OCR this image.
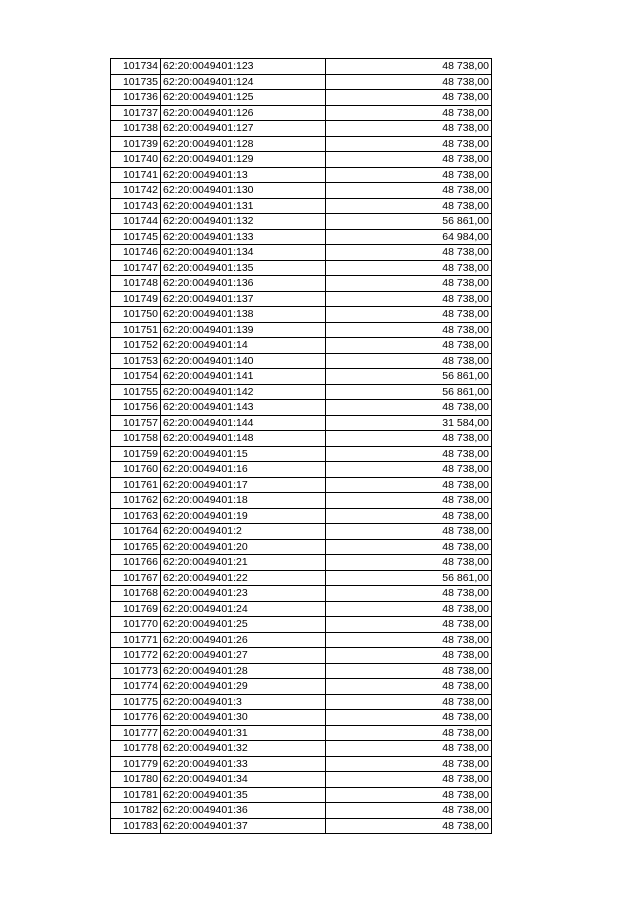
101734	62:20:0049401:123	48 738,00
101735	62:20:0049401:124	48 738,00
101736	62:20:0049401:125	48 738,00
101737	62:20:0049401:126	48 738,00
101738	62:20:0049401:127	48 738,00
101739	62:20:0049401:128	48 738,00
101740	62:20:0049401:129	48 738,00
101741	62:20:0049401:13	48 738,00
101742	62:20:0049401:130	48 738,00
101743	62:20:0049401:131	48 738,00
101744	62:20:0049401:132	56 861,00
101745	62:20:0049401:133	64 984,00
101746	62:20:0049401:134	48 738,00
101747	62:20:0049401:135	48 738,00
101748	62:20:0049401:136	48 738,00
101749	62:20:0049401:137	48 738,00
101750	62:20:0049401:138	48 738,00
101751	62:20:0049401:139	48 738,00
101752	62:20:0049401:14	48 738,00
101753	62:20:0049401:140	48 738,00
101754	62:20:0049401:141	56 861,00
101755	62:20:0049401:142	56 861,00
101756	62:20:0049401:143	48 738,00
101757	62:20:0049401:144	31 584,00
101758	62:20:0049401:148	48 738,00
101759	62:20:0049401:15	48 738,00
101760	62:20:0049401:16	48 738,00
101761	62:20:0049401:17	48 738,00
101762	62:20:0049401:18	48 738,00
101763	62:20:0049401:19	48 738,00
101764	62:20:0049401:2	48 738,00
101765	62:20:0049401:20	48 738,00
101766	62:20:0049401:21	48 738,00
101767	62:20:0049401:22	56 861,00
101768	62:20:0049401:23	48 738,00
101769	62:20:0049401:24	48 738,00
101770	62:20:0049401:25	48 738,00
101771	62:20:0049401:26	48 738,00
101772	62:20:0049401:27	48 738,00
101773	62:20:0049401:28	48 738,00
101774	62:20:0049401:29	48 738,00
101775	62:20:0049401:3	48 738,00
101776	62:20:0049401:30	48 738,00
101777	62:20:0049401:31	48 738,00
101778	62:20:0049401:32	48 738,00
101779	62:20:0049401:33	48 738,00
101780	62:20:0049401:34	48 738,00
101781	62:20:0049401:35	48 738,00
101782	62:20:0049401:36	48 738,00
101783	62:20:0049401:37	48 738,00
